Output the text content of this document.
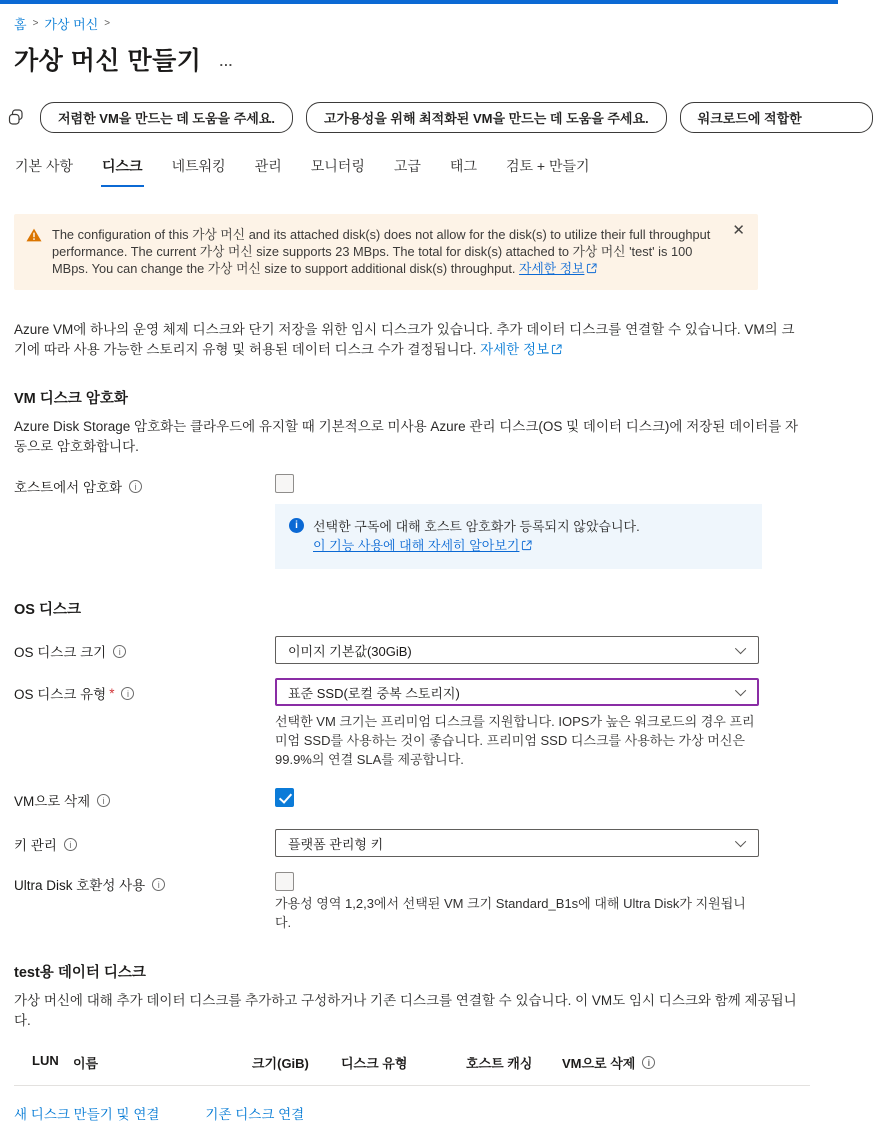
홈 > 가상 머신 >
가상 머신 만들기 ...
저렴한 VM을 만드는 데 도움을 주세요.	고가용성을 위해 최적화된 VM을 만드는 데 도움을 주세요.	워크로드에 적합한
기본 사항 디스크 네트워킹 관리 모니터링 고급 태그 검토 + 만들기
The configuration of this 가상 머신 and its attached disk(s) does not allow for the disk(s) to utilize their full throughput performance. The current 가상 머신 size supports 23 MBps. The total for disk(s) attached to 가상 머신 'test' is 100 MBps. You can change the 가상 머신 size to support additional disk(s) throughput. 자세한 정보
✕

Azure VM에 하나의 운영 체제 디스크와 단기 저장을 위한 임시 디스크가 있습니다. 추가 데이터 디스크를 연결할 수 있습니다. VM의 크기에 따라 사용 가능한 스토리지 유형 및 허용된 데이터 디스크 수가 결정됩니다. 자세한 정보

VM 디스크 암호화

Azure Disk Storage 암호화는 클라우드에 유지할 때 기본적으로 미사용 Azure 관리 디스크(OS 및 데이터 디스크)에 저장된 데이터를 자동으로 암호화합니다.

호스트에서 암호화
i
i
선택한 구독에 대해 호스트 암호화가 등록되지 않았습니다.
이 기능 사용에 대해 자세히 알아보기
OS 디스크
OS 디스크 크기 i	이미지 기본값(30GiB)
OS 디스크 유형 * i	표준 SSD(로컬 중복 스토리지)
선택한 VM 크기는 프리미엄 디스크를 지원합니다. IOPS가 높은 워크로드의 경우 프리미엄 SSD를 사용하는 것이 좋습니다. 프리미엄 SSD 디스크를 사용하는 가상 머신은 99.9%의 연결 SLA를 제공합니다.
VM으로 삭제
i
키 관리 i	플랫폼 관리형 키
Ultra Disk 호환성 사용
i
가용성 영역 1,2,3에서 선택된 VM 크기 Standard_B1s에 대해 Ultra Disk가 지원됩니다.
test용 데이터 디스크

가상 머신에 대해 추가 데이터 디스크를 추가하고 구성하거나 기존 디스크를 연결할 수 있습니다. 이 VM도 임시 디스크와 함께 제공됩니다.

LUN	이름	크기(GiB)	디스크 유형	호스트 캐싱	VM으로 삭제
i
새 디스크 만들기 및 연결	기존 디스크 연결
